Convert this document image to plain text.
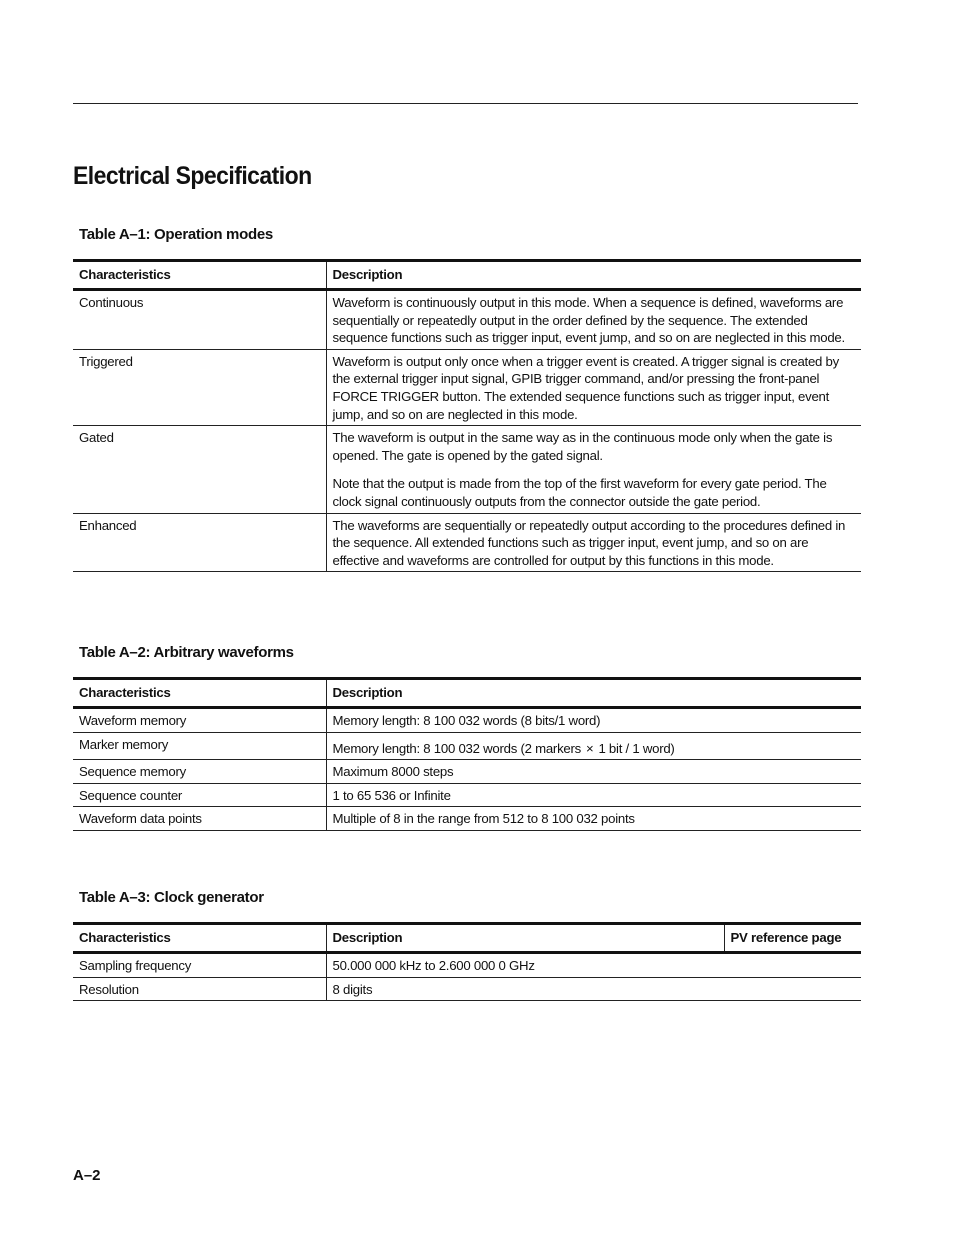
Electrical Specification
Table A–1: Operation modes
Characteristics	Description
Continuous	Waveform is continuously output in this mode. When a sequence is defined, waveforms are sequentially or repeatedly output in the order defined by the sequence. The extended sequence functions such as trigger input, event jump, and so on are neglected in this mode.

Triggered	Waveform is output only once when a trigger event is created. A trigger signal is created by the external trigger input signal, GPIB trigger command, and/or pressing the front-panel FORCE TRIGGER button. The extended sequence functions such as trigger input, event jump, and so on are neglected in this mode.

Gated	The waveform is output in the same way as in the continuous mode only when the gate is opened. The gate is opened by the gated signal.

Note that the output is made from the top of the first waveform for every gate period. The clock signal continuously outputs from the connector outside the gate period.

Enhanced	The waveforms are sequentially or repeatedly output according to the procedures defined in the sequence. All extended functions such as trigger input, event jump, and so on are effective and waveforms are controlled for output by this functions in this mode.

Table A–2: Arbitrary waveforms
Characteristics	Description
Waveform memory	Memory length: 8 100 032 words (8 bits/1 word)
Marker memory	Memory length: 8 100 032 words (2 markers × 1 bit / 1 word)
Sequence memory	Maximum 8000 steps
Sequence counter	1 to 65 536 or Infinite
Waveform data points	Multiple of 8 in the range from 512 to 8 100 032 points
Table A–3: Clock generator
Characteristics	Description	PV reference page
Sampling frequency	50.000 000 kHz to 2.600 000 0 GHz	
Resolution	8 digits	
A–2
